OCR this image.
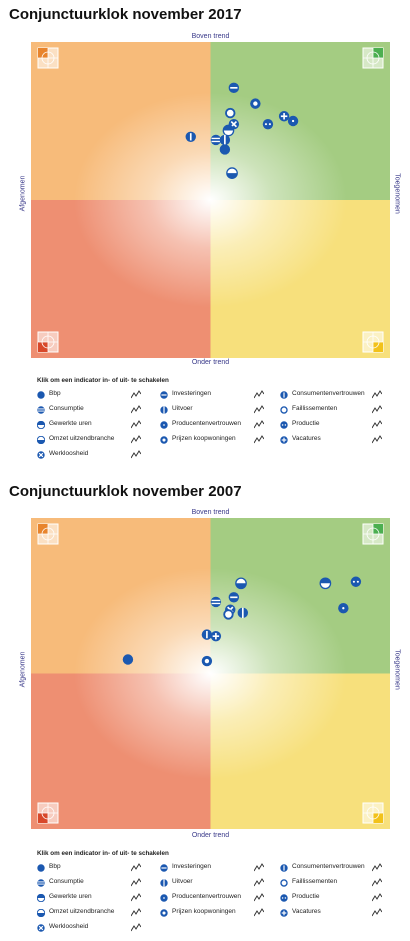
Conjunctuurklok november 2017
Boven trend
Afgenomen	Toegenomen
Onder trend
Klik om een indicator in- of uit- te schakelen
Bbp	Investeringen	Consumentenvertrouwen
Consumptie	Uitvoer	Faillissementen
Gewerkte uren	Producentenvertrouwen	Productie
Omzet uitzendbranche	Prijzen koopwoningen	Vacatures
Werkloosheid
Conjunctuurklok november 2007
Boven trend
Afgenomen	Toegenomen
Onder trend
Klik om een indicator in- of uit- te schakelen
Bbp	Investeringen	Consumentenvertrouwen
Consumptie	Uitvoer	Faillissementen
Gewerkte uren	Producentenvertrouwen	Productie
Omzet uitzendbranche	Prijzen koopwoningen	Vacatures
Werkloosheid
